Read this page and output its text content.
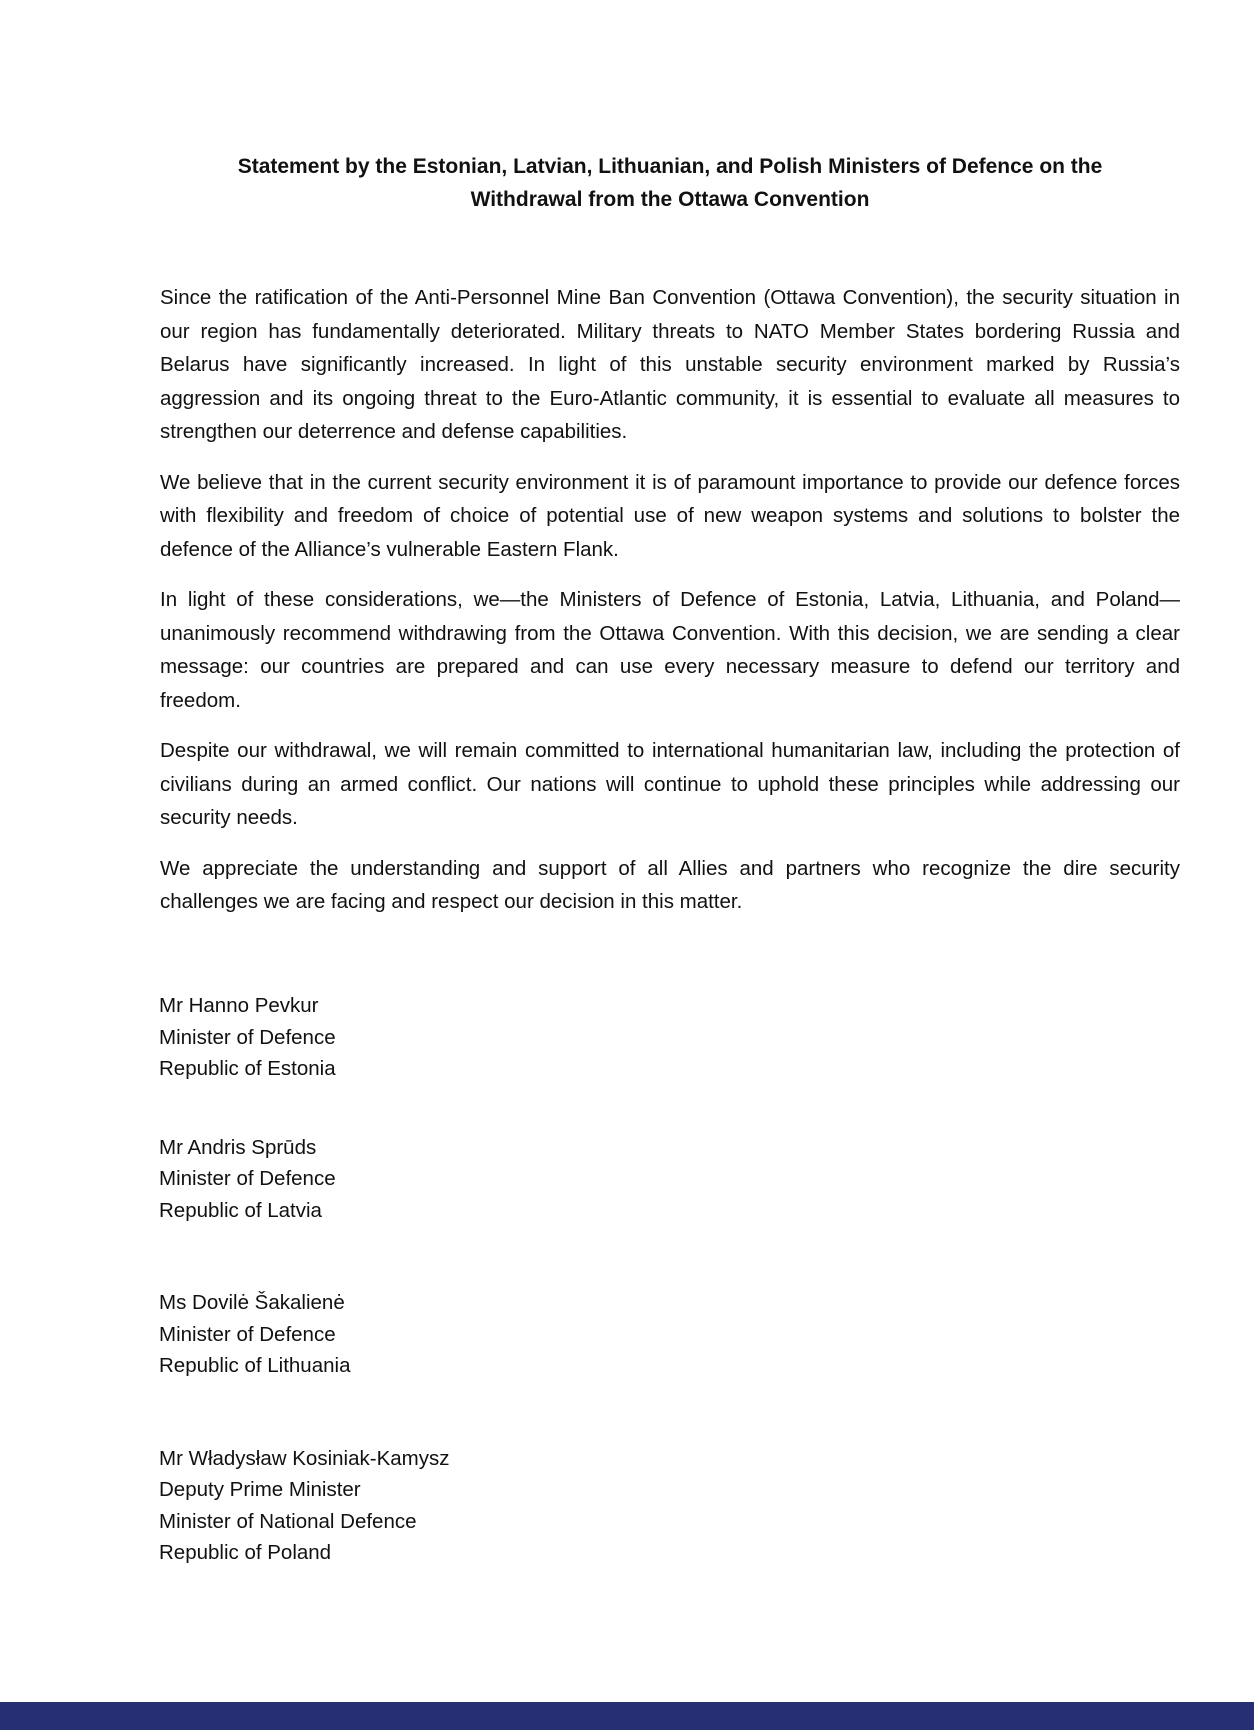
Statement by the Estonian, Latvian, Lithuanian, and Polish Ministers of Defence on the
Withdrawal from the Ottawa Convention

Since the ratification of the Anti-Personnel Mine Ban Convention (Ottawa Convention), the security situation in our region has fundamentally deteriorated. Military threats to NATO Member States bordering Russia and Belarus have significantly increased. In light of this unstable security environment marked by Russia’s aggression and its ongoing threat to the Euro-Atlantic community, it is essential to evaluate all measures to strengthen our deterrence and defense capabilities.

We believe that in the current security environment it is of paramount importance to provide our defence forces with flexibility and freedom of choice of potential use of new weapon systems and solutions to bolster the defence of the Alliance’s vulnerable Eastern Flank.

In light of these considerations, we—the Ministers of Defence of Estonia, Latvia, Lithuania, and Poland—unanimously recommend withdrawing from the Ottawa Convention. With this decision, we are sending a clear message: our countries are prepared and can use every necessary measure to defend our territory and freedom.

Despite our withdrawal, we will remain committed to international humanitarian law, including the protection of civilians during an armed conflict. Our nations will continue to uphold these principles while addressing our security needs.

We appreciate the understanding and support of all Allies and partners who recognize the dire security challenges we are facing and respect our decision in this matter.

Mr Hanno Pevkur
Minister of Defence
Republic of Estonia
Mr Andris Sprūds
Minister of Defence
Republic of Latvia
Ms Dovilė Šakalienė
Minister of Defence
Republic of Lithuania
Mr Władysław Kosiniak-Kamysz
Deputy Prime Minister
Minister of National Defence
Republic of Poland
